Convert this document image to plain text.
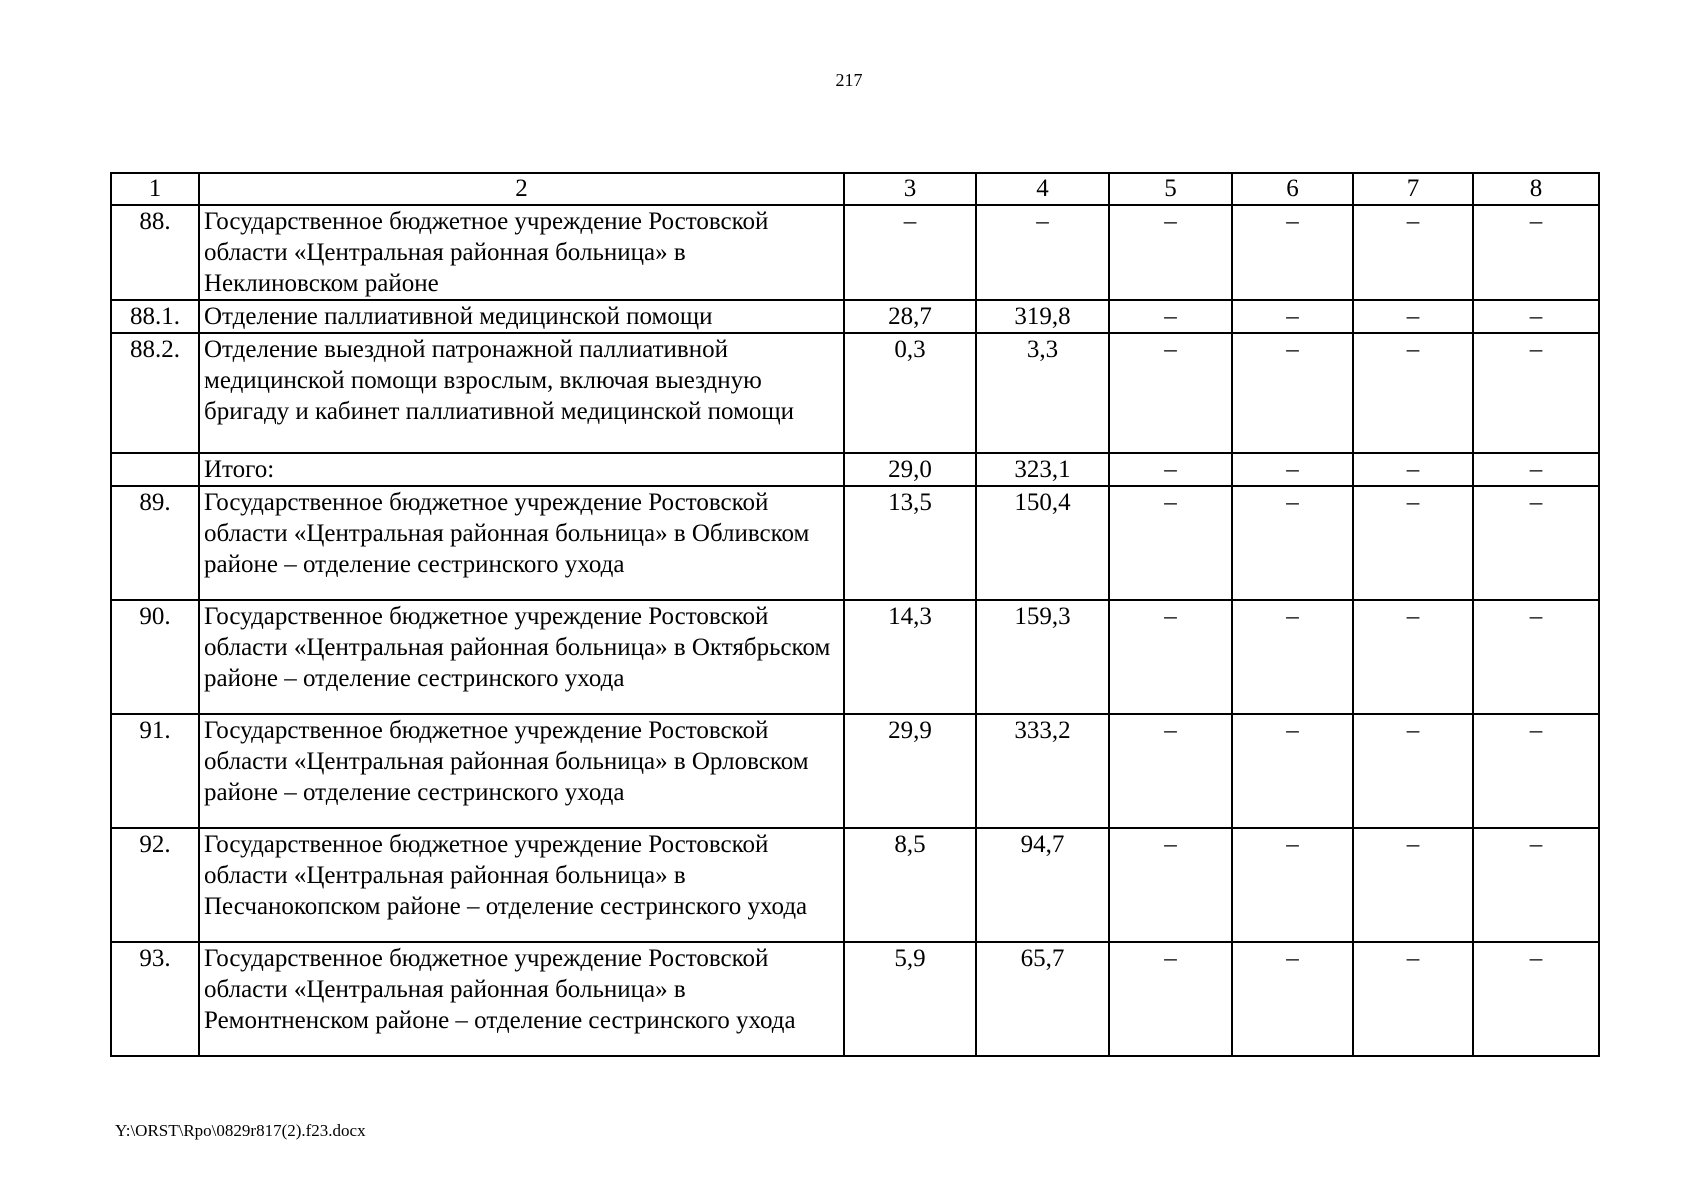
217
1	2	3	4	5	6	7	8
88.	Государственное бюджетное учреждение Ростовской области «Центральная районная больница» в Неклиновском районе	–	–	–	–	–	–
88.1.	Отделение паллиативной медицинской помощи	28,7	319,8	–	–	–	–
88.2.	Отделение выездной патронажной паллиативной медицинской помощи взрослым, включая выездную бригаду и кабинет паллиативной медицинской помощи	0,3	3,3	–	–	–	–
	Итого:	29,0	323,1	–	–	–	–
89.	Государственное бюджетное учреждение Ростовской области «Центральная районная больница» в Обливском районе – отделение сестринского ухода	13,5	150,4	–	–	–	–
90.	Государственное бюджетное учреждение Ростовской области «Центральная районная больница» в Октябрьском районе – отделение сестринского ухода	14,3	159,3	–	–	–	–
91.	Государственное бюджетное учреждение Ростовской области «Центральная районная больница» в Орловском районе – отделение сестринского ухода	29,9	333,2	–	–	–	–
92.	Государственное бюджетное учреждение Ростовской области «Центральная районная больница» в Песчанокопском районе – отделение сестринского ухода	8,5	94,7	–	–	–	–
93.	Государственное бюджетное учреждение Ростовской области «Центральная районная больница» в Ремонтненском районе – отделение сестринского ухода	5,9	65,7	–	–	–	–
Y:\ORST\Rpo\0829r817(2).f23.docx
